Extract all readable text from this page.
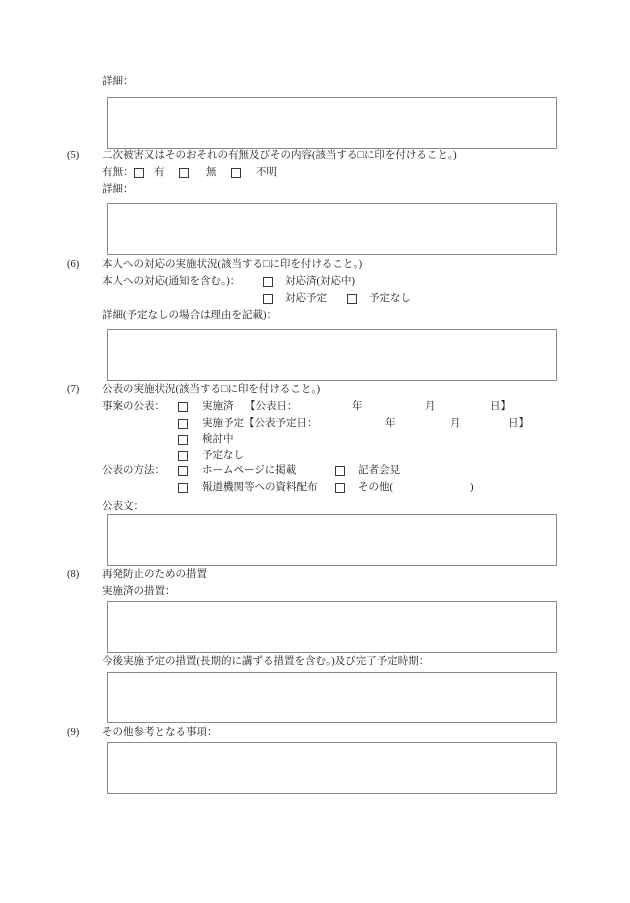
詳細：
(5) 二次被害又はそのおそれの有無及びその内容(該当する□に印を付けること。)
有無： 有	無	不明
詳細：
(6) 本人への対応の実施状況(該当する□に印を付けること。)
本人への対応(通知を含む。)：	対応済(対応中)
対応予定	予定なし
詳細(予定なしの場合は理由を記載)：
(7) 公表の実施状況(該当する□に印を付けること。)
事案の公表：	実施済 【公表日：	年	月	日】
実施予定 【公表予定日：	年	月	日】
検討中
予定なし
公表の方法：	ホームページに掲載	記者会見
報道機関等への資料配布	その他(	)
公表文：
(8) 再発防止のための措置
実施済の措置：
今後実施予定の措置(長期的に講ずる措置を含む。)及び完了予定時期：
(9) その他参考となる事項：
